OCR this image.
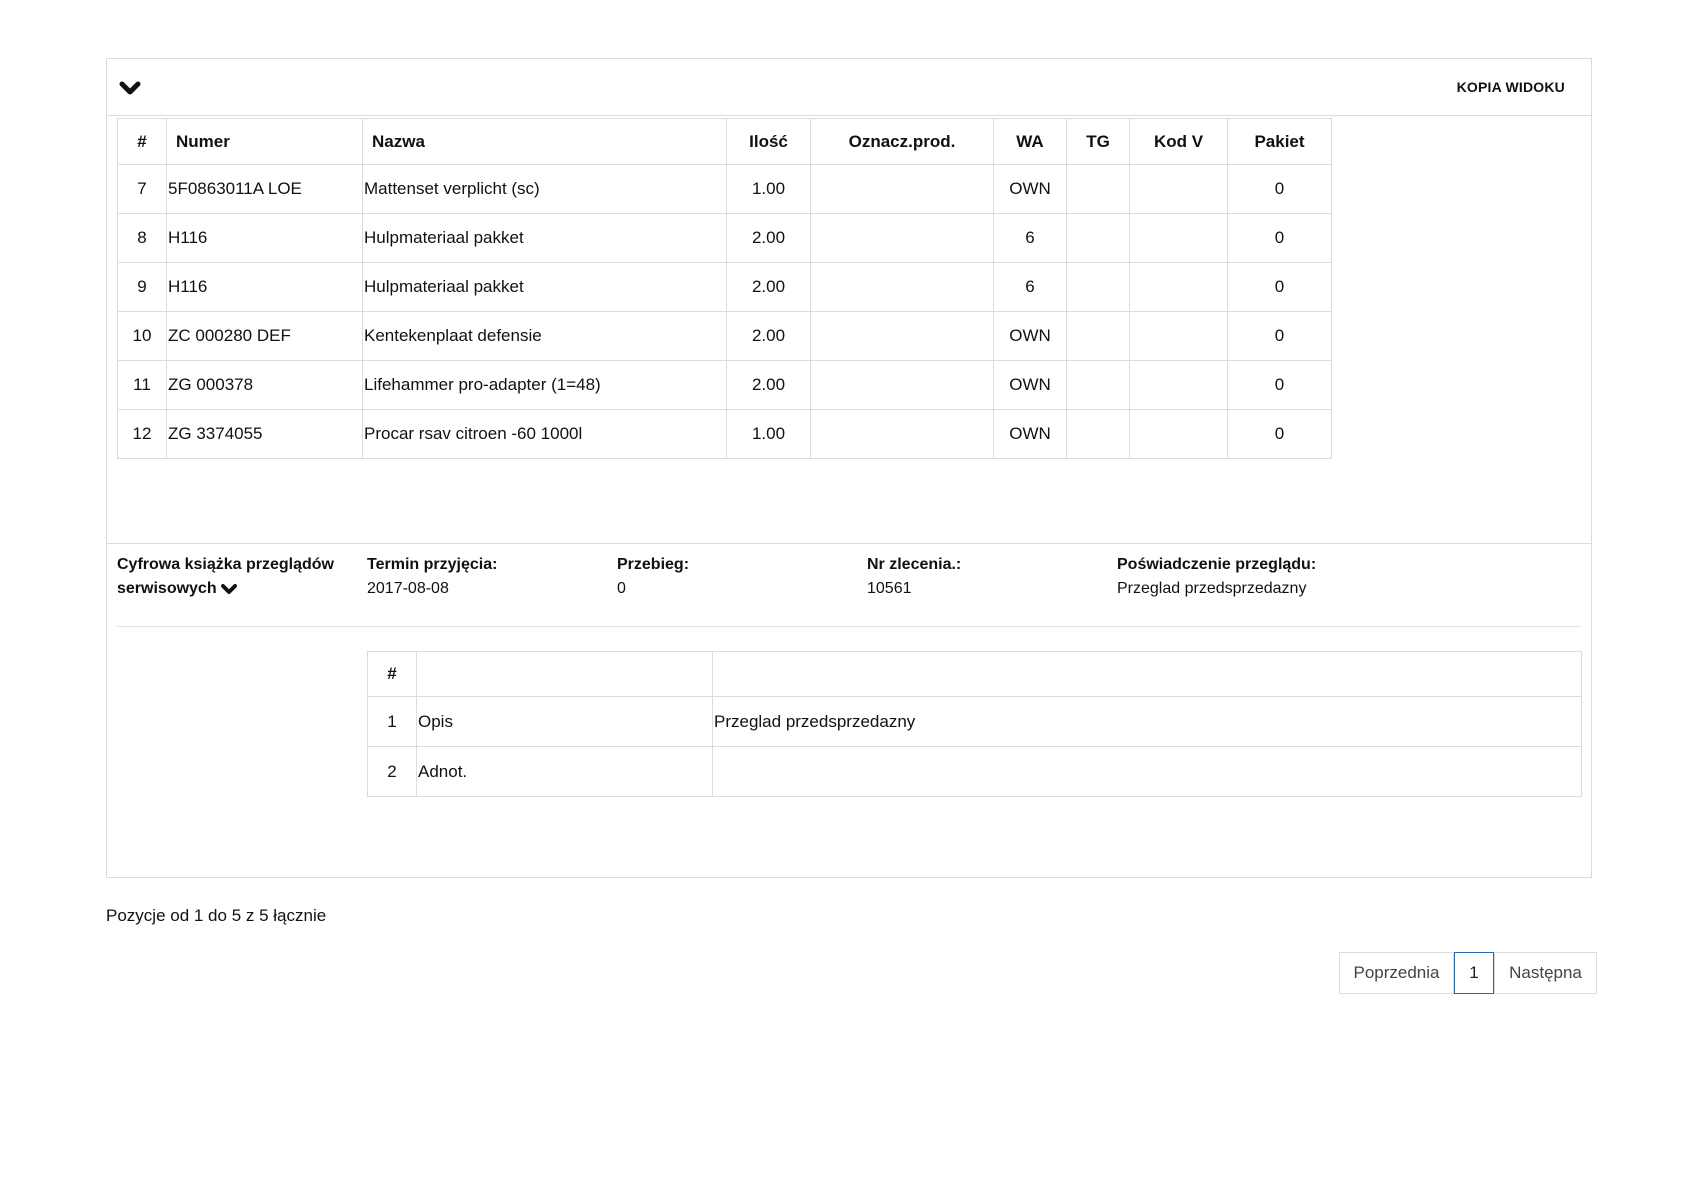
KOPIA WIDOKU
#	Numer	Nazwa	Ilość	Oznacz.prod.	WA	TG	Kod V	Pakiet
7	5F0863011A LOE	Mattenset verplicht (sc)	1.00		OWN			0
8	H116	Hulpmateriaal pakket	2.00		6			0
9	H116	Hulpmateriaal pakket	2.00		6			0
10	ZC 000280 DEF	Kentekenplaat defensie	2.00		OWN			0
11	ZG 000378	Lifehammer pro-adapter (1=48)	2.00		OWN			0
12	ZG 3374055	Procar rsav citroen -60 1000l	1.00		OWN			0
Cyfrowa książka przeglądów
serwisowych
Termin przyjęcia:
2017-08-08
Przebieg:
0
Nr zlecenia.:
10561
Poświadczenie przeglądu:
Przeglad przedsprzedazny
#		
1	Opis	Przeglad przedsprzedazny
2	Adnot.	
Pozycje od 1 do 5 z 5 łącznie
Poprzednia	1	Następna
